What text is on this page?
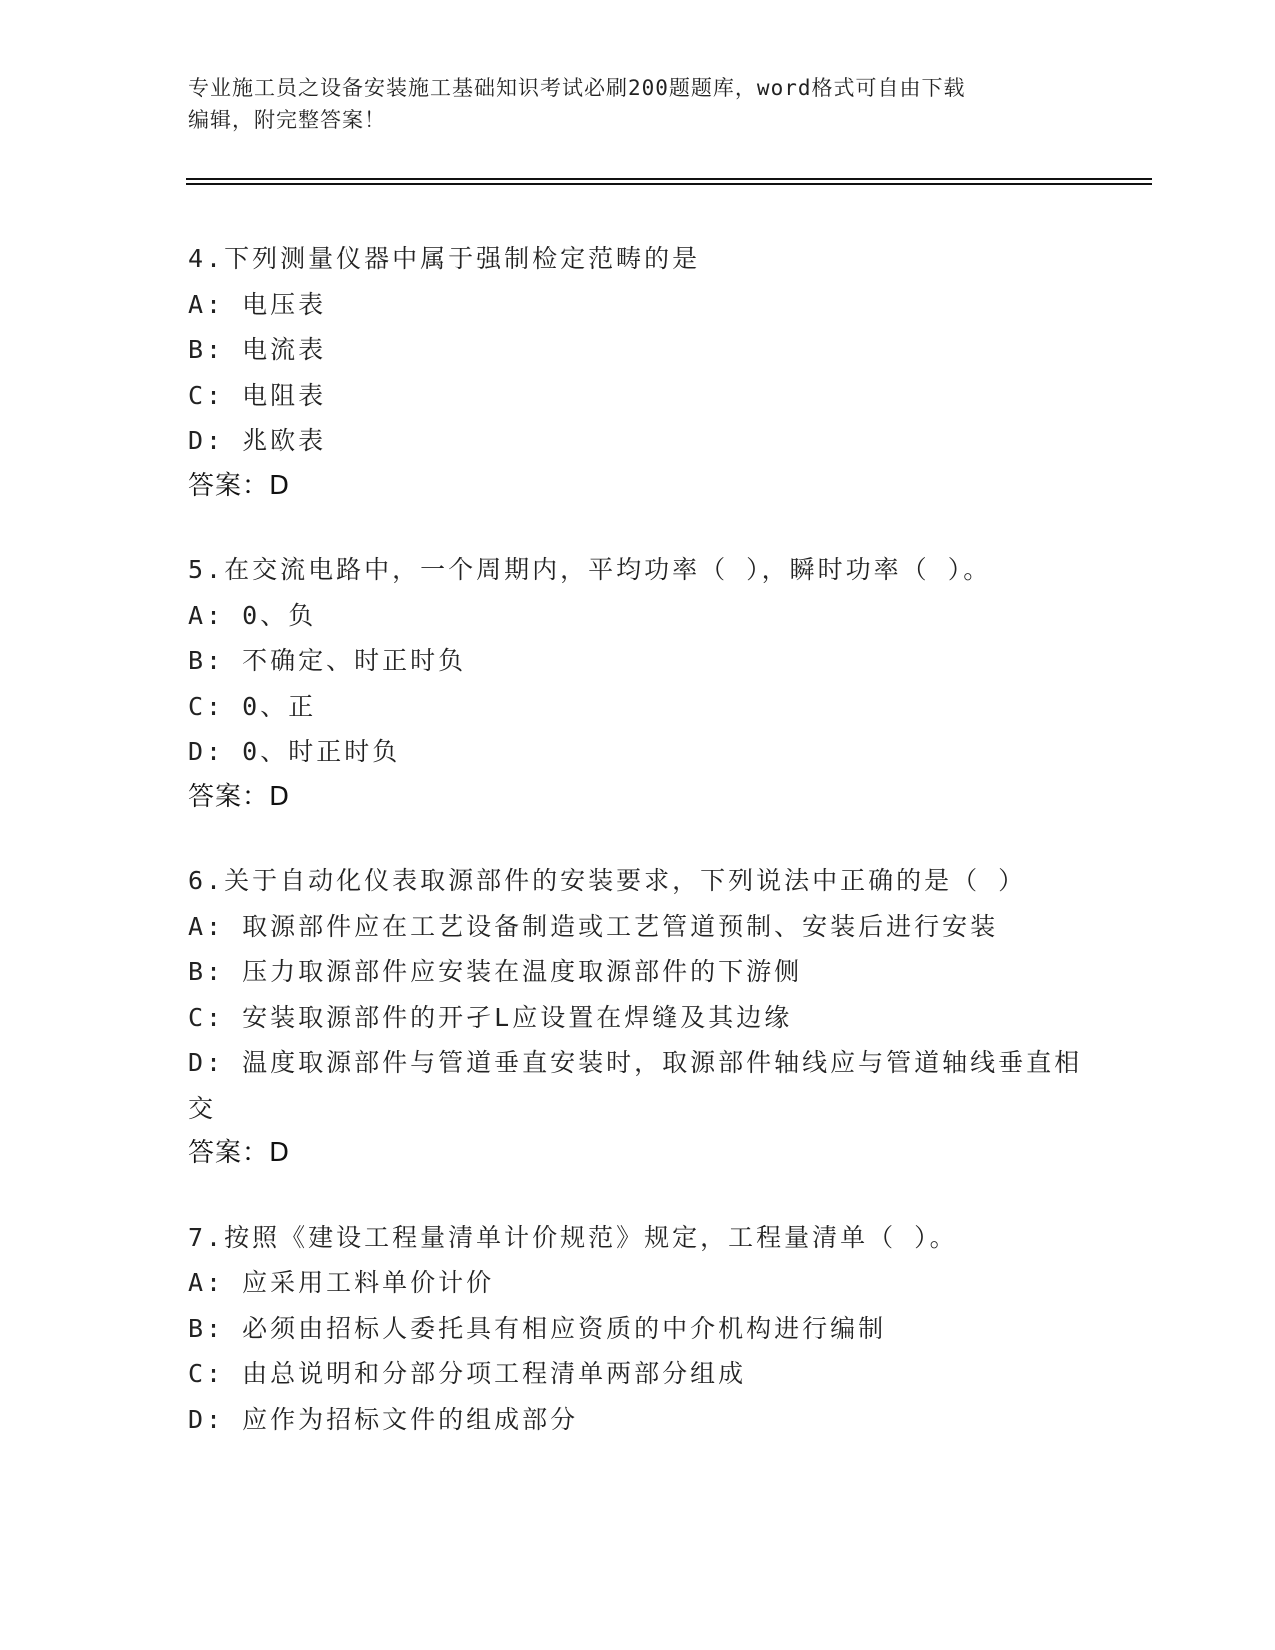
专业施工员之设备安装施工基础知识考试必刷200题题库，word格式可自由下载
编辑，附完整答案！
4.下列测量仪器中属于强制检定范畴的是
A: 电压表
B: 电流表
C: 电阻表
D: 兆欧表
答案：D
5.在交流电路中，一个周期内，平均功率（ ），瞬时功率（ ）。
A: 0、负
B: 不确定、时正时负
C: 0、正
D: 0、时正时负
答案：D
6.关于自动化仪表取源部件的安装要求，下列说法中正确的是（ ）
A: 取源部件应在工艺设备制造或工艺管道预制、安装后进行安装
B: 压力取源部件应安装在温度取源部件的下游侧
C: 安装取源部件的开孑L应设置在焊缝及其边缘
D: 温度取源部件与管道垂直安装时，取源部件轴线应与管道轴线垂直相交
答案：D
7.按照《建设工程量清单计价规范》规定，工程量清单（ ）。
A: 应采用工料单价计价
B: 必须由招标人委托具有相应资质的中介机构进行编制
C: 由总说明和分部分项工程清单两部分组成
D: 应作为招标文件的组成部分
